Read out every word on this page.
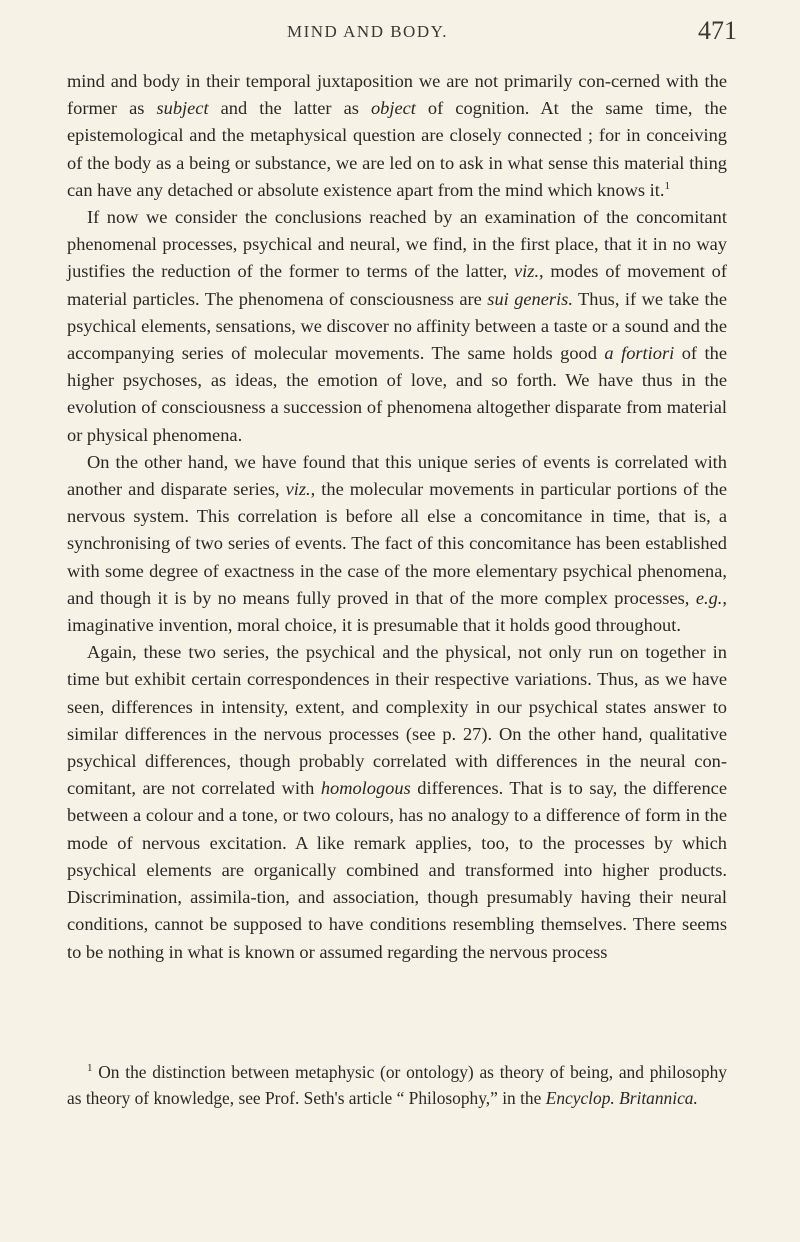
MIND AND BODY.	471

mind and body in their temporal juxtaposition we are not primarily con-cerned with the former as subject and the latter as object of cognition. At the same time, the epistemological and the metaphysical question are closely connected ; for in conceiving of the body as a being or substance, we are led on to ask in what sense this material thing can have any detached or absolute existence apart from the mind which knows it.$^1$

If now we consider the conclusions reached by an examination of the concomitant phenomenal processes, psychical and neural, we find, in the first place, that it in no way justifies the reduction of the former to terms of the latter, viz., modes of movement of material particles. The phenomena of consciousness are sui generis. Thus, if we take the psychical elements, sensations, we discover no affinity between a taste or a sound and the accompanying series of molecular movements. The same holds good a fortiori of the higher psychoses, as ideas, the emotion of love, and so forth. We have thus in the evolution of consciousness a succession of phenomena altogether disparate from material or physical phenomena.

On the other hand, we have found that this unique series of events is correlated with another and disparate series, viz., the molecular movements in particular portions of the nervous system. This correlation is before all else a concomitance in time, that is, a synchronising of two series of events. The fact of this concomitance has been established with some degree of exactness in the case of the more elementary psychical phenomena, and though it is by no means fully proved in that of the more complex processes, e.g., imaginative invention, moral choice, it is presumable that it holds good throughout.

Again, these two series, the psychical and the physical, not only run on together in time but exhibit certain correspondences in their respective variations. Thus, as we have seen, differences in intensity, extent, and complexity in our psychical states answer to similar differences in the nervous processes (see p. 27). On the other hand, qualitative psychical differences, though probably correlated with differences in the neural con-comitant, are not correlated with homologous differences. That is to say, the difference between a colour and a tone, or two colours, has no analogy to a difference of form in the mode of nervous excitation. A like remark applies, too, to the processes by which psychical elements are organically combined and transformed into higher products. Discrimination, assimila-tion, and association, though presumably having their neural conditions, cannot be supposed to have conditions resembling themselves. There seems to be nothing in what is known or assumed regarding the nervous process

$^1$ On the distinction between metaphysic (or ontology) as theory of being, and philosophy as theory of knowledge, see Prof. Seth's article “ Philosophy,” in the Encyclop. Britannica.
